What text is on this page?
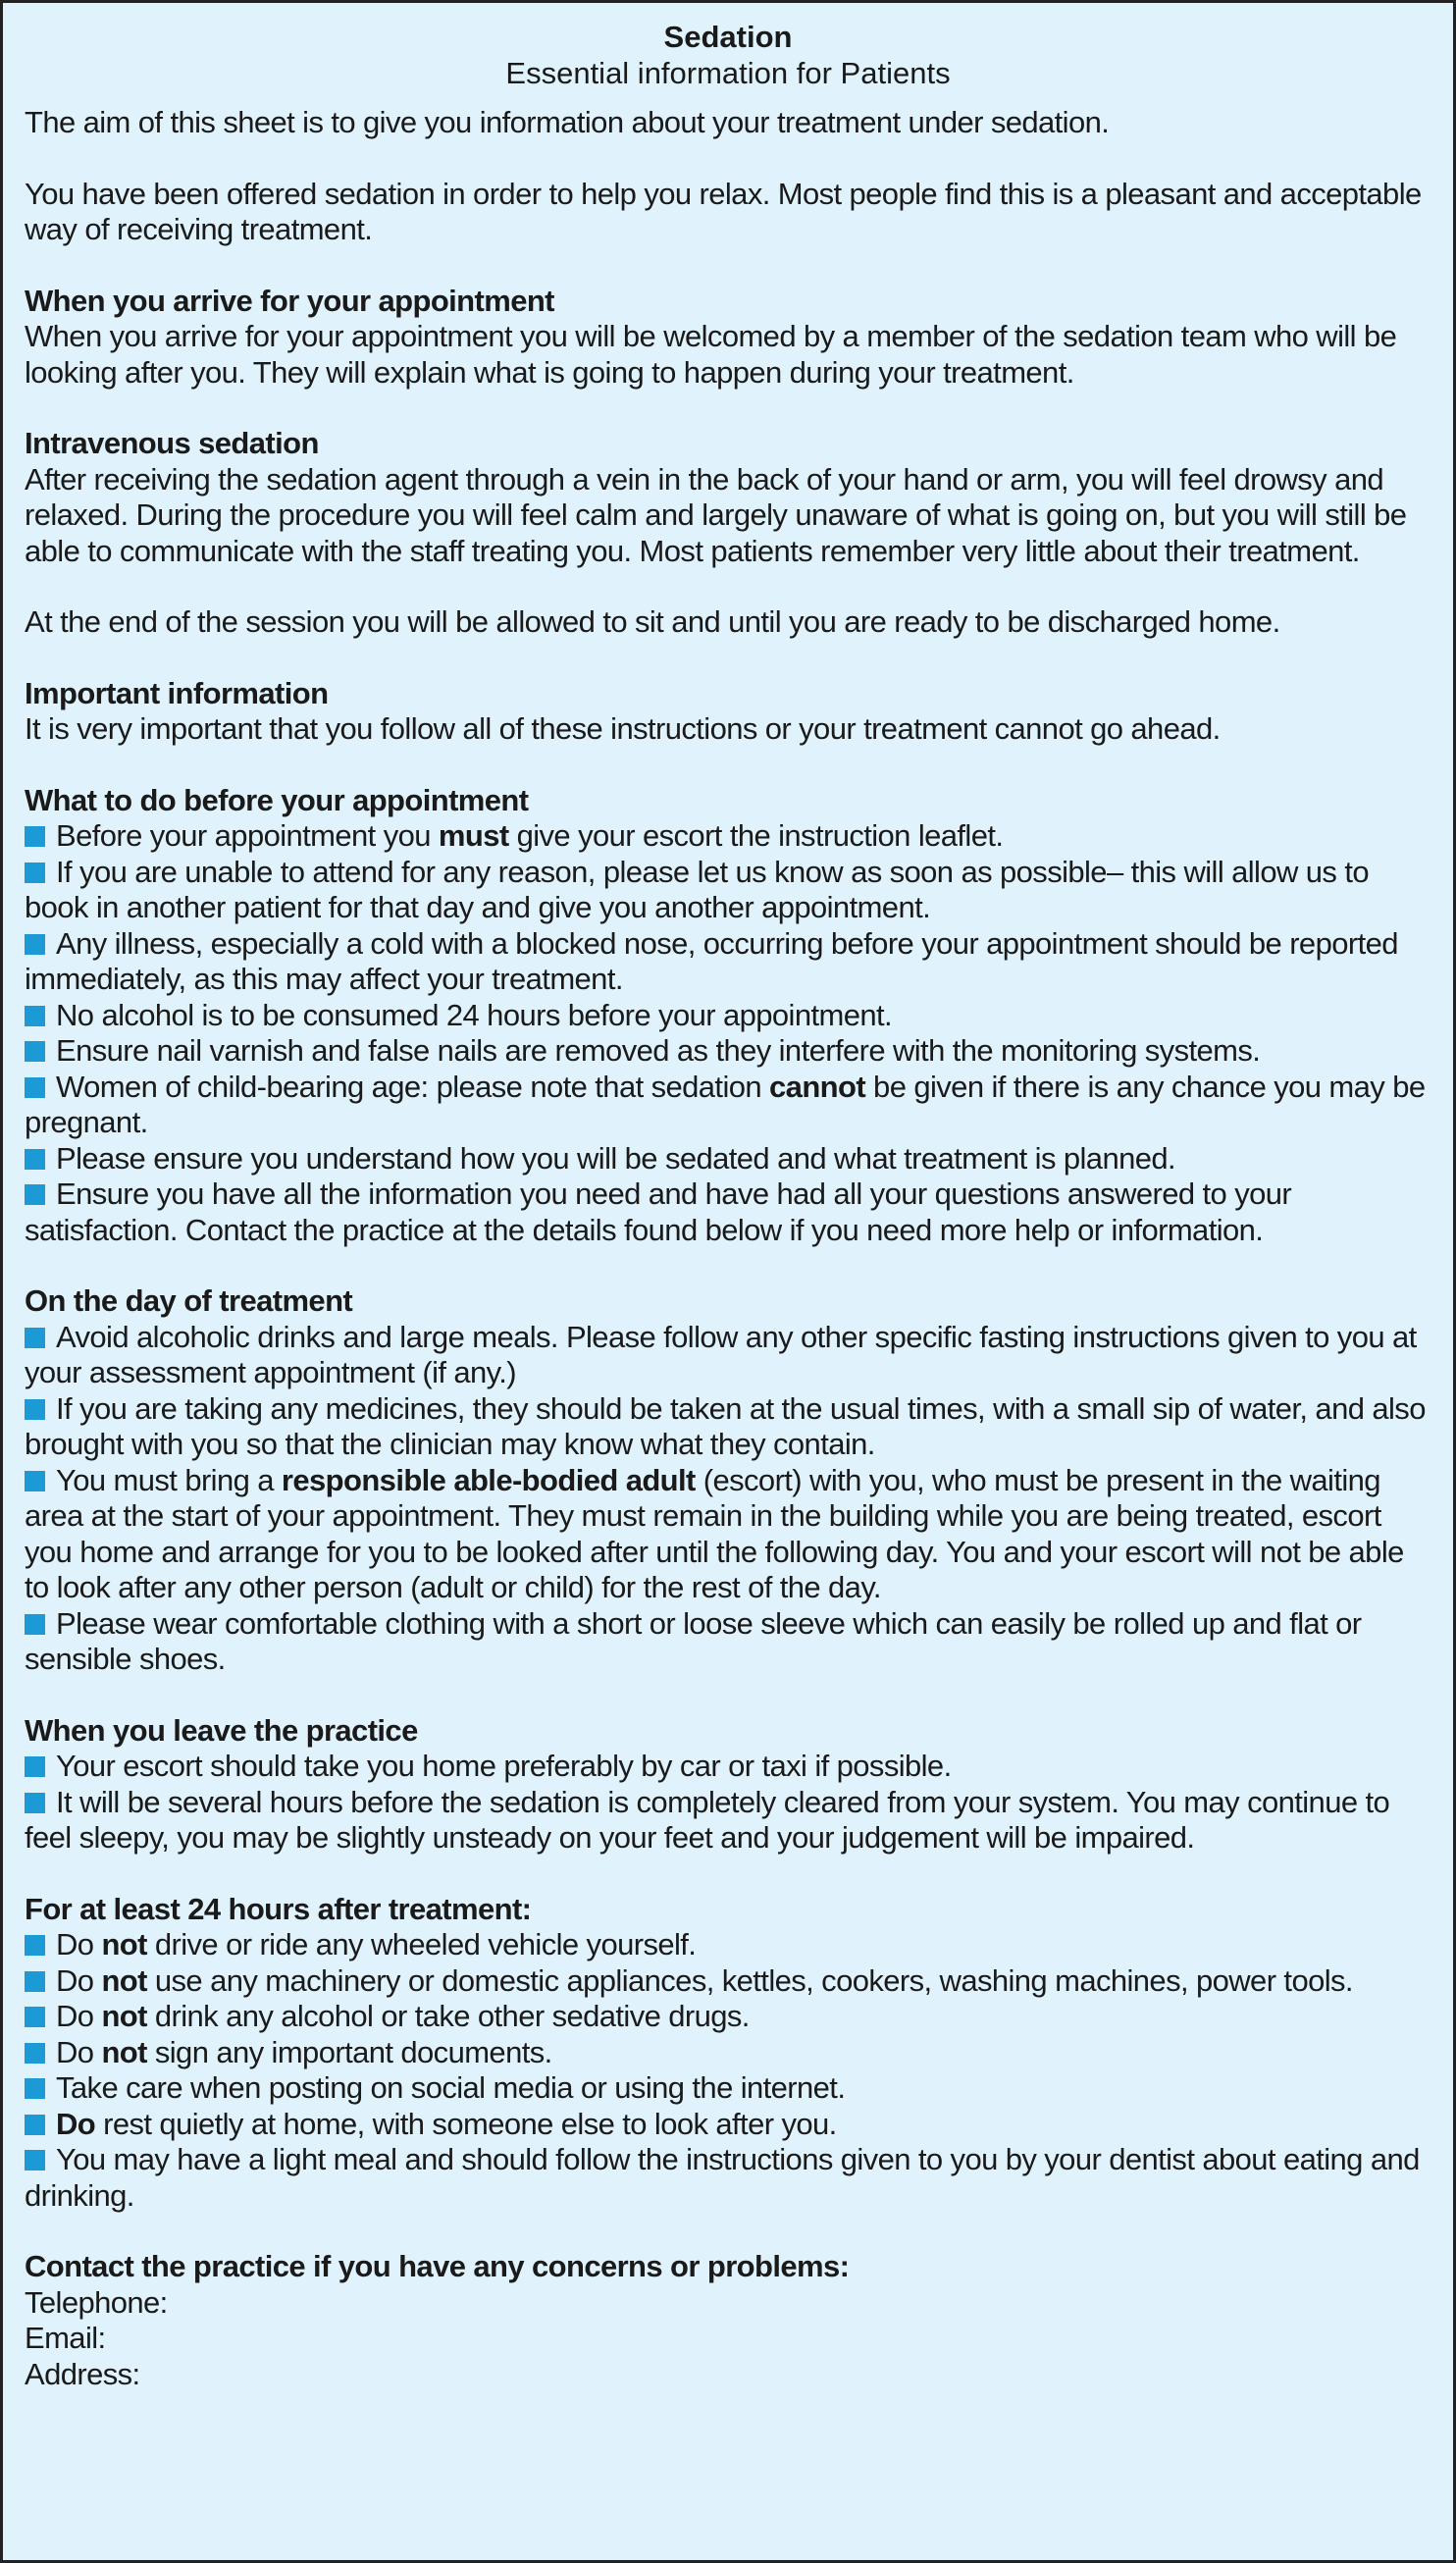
Sedation
Essential information for Patients

The aim of this sheet is to give you information about your treatment under sedation.

You have been offered sedation in order to help you relax. Most people find this is a pleasant and acceptable way of receiving treatment.

When you arrive for your appointment

When you arrive for your appointment you will be welcomed by a member of the sedation team who will be looking after you. They will explain what is going to happen during your treatment.

Intravenous sedation

After receiving the sedation agent through a vein in the back of your hand or arm, you will feel drowsy and relaxed. During the procedure you will feel calm and largely unaware of what is going on, but you will still be able to communicate with the staff treating you. Most patients remember very little about their treatment.

At the end of the session you will be allowed to sit and until you are ready to be discharged home.

Important information

It is very important that you follow all of these instructions or your treatment cannot go ahead.

What to do before your appointment
Before your appointment you must give your escort the instruction leaflet.
If you are unable to attend for any reason, please let us know as soon as possible– this will allow us to book in another patient for that day and give you another appointment.
Any illness, especially a cold with a blocked nose, occurring before your appointment should be reported immediately, as this may affect your treatment.
No alcohol is to be consumed 24 hours before your appointment.
Ensure nail varnish and false nails are removed as they interfere with the monitoring systems.
Women of child-bearing age: please note that sedation cannot be given if there is any chance you may be pregnant.
Please ensure you understand how you will be sedated and what treatment is planned.
Ensure you have all the information you need and have had all your questions answered to your satisfaction. Contact the practice at the details found below if you need more help or information.
On the day of treatment
Avoid alcoholic drinks and large meals. Please follow any other specific fasting instructions given to you at your assessment appointment (if any.)
If you are taking any medicines, they should be taken at the usual times, with a small sip of water, and also brought with you so that the clinician may know what they contain.
You must bring a responsible able-bodied adult (escort) with you, who must be present in the waiting area at the start of your appointment. They must remain in the building while you are being treated, escort you home and arrange for you to be looked after until the following day. You and your escort will not be able to look after any other person (adult or child) for the rest of the day.
Please wear comfortable clothing with a short or loose sleeve which can easily be rolled up and flat or sensible shoes.
When you leave the practice
Your escort should take you home preferably by car or taxi if possible.
It will be several hours before the sedation is completely cleared from your system. You may continue to feel sleepy, you may be slightly unsteady on your feet and your judgement will be impaired.
For at least 24 hours after treatment:
Do not drive or ride any wheeled vehicle yourself.
Do not use any machinery or domestic appliances, kettles, cookers, washing machines, power tools.
Do not drink any alcohol or take other sedative drugs.
Do not sign any important documents.
Take care when posting on social media or using the internet.
Do rest quietly at home, with someone else to look after you.
You may have a light meal and should follow the instructions given to you by your dentist about eating and drinking.
Contact the practice if you have any concerns or problems:
Telephone:
Email:
Address:
